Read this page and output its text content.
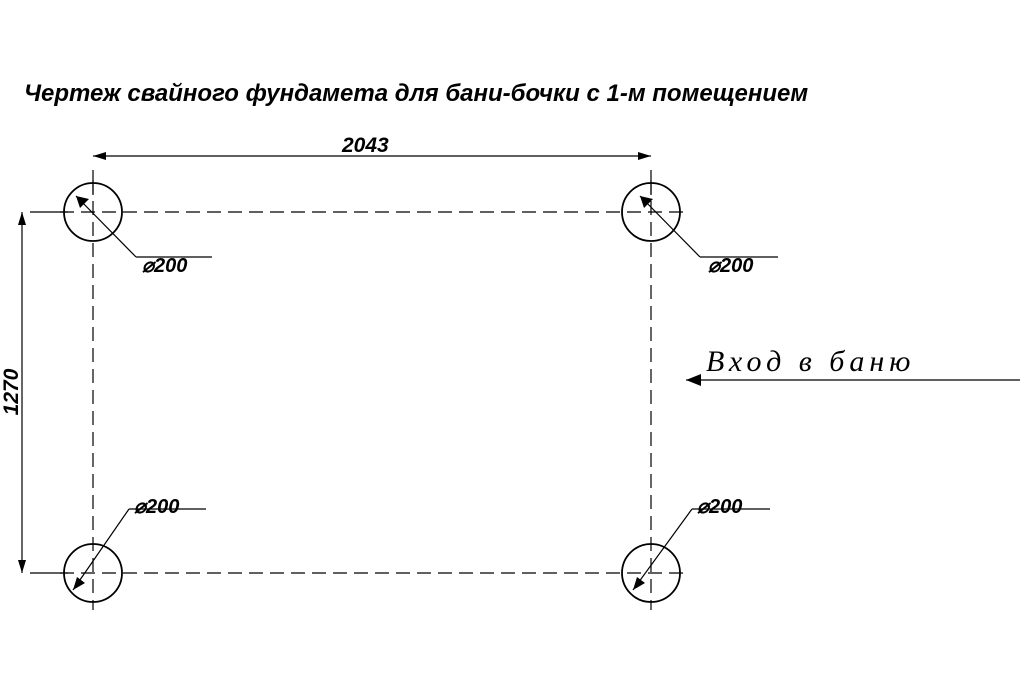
Чертеж свайного фундамета для бани-бочки с 1-м помещением
2043
1270
⌀200	⌀200
⌀200	⌀200
Вход в баню
